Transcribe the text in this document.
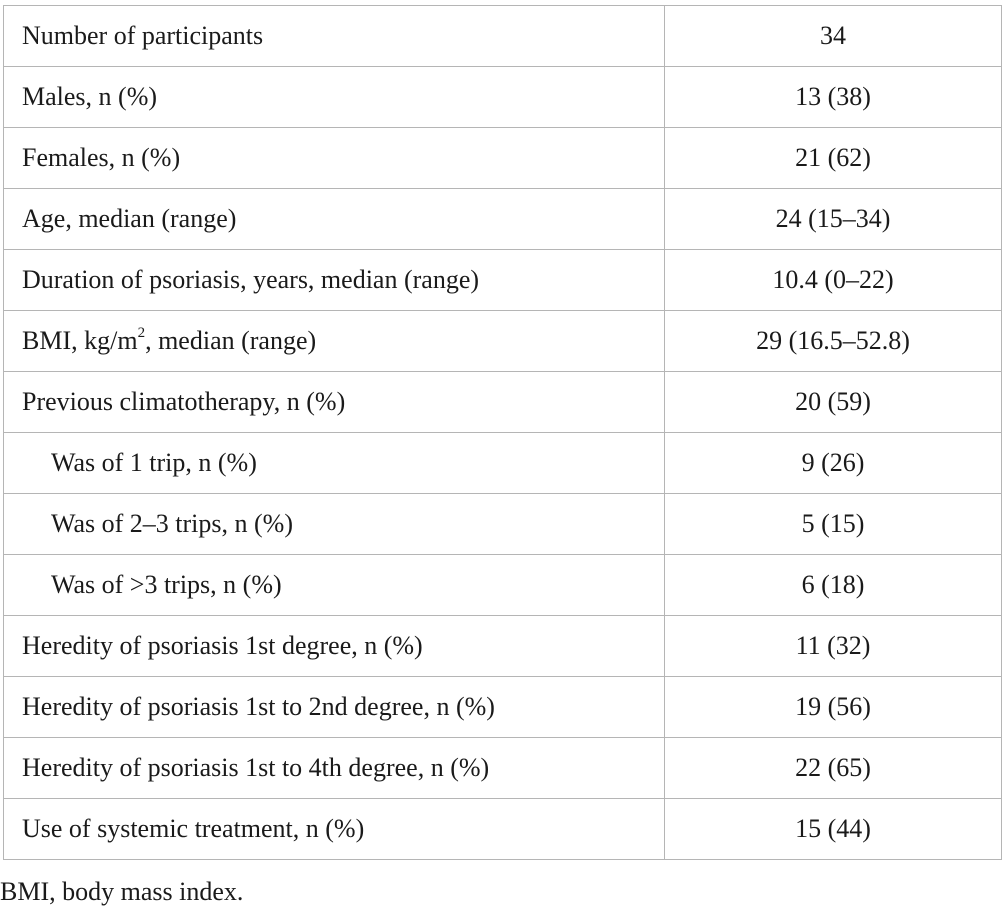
Number of participants	34
Males, n (%)	13 (38)
Females, n (%)	21 (62)
Age, median (range)	24 (15–34)
Duration of psoriasis, years, median (range)	10.4 (0–22)
BMI, $kg/m^2$, median (range)	29 (16.5–52.8)
Previous climatotherapy, n (%)	20 (59)
Was of 1 trip, n (%)	9 (26)
Was of 2–3 trips, n (%)	5 (15)
Was of >3 trips, n (%)	6 (18)
Heredity of psoriasis 1st degree, n (%)	11 (32)
Heredity of psoriasis 1st to 2nd degree, n (%)	19 (56)
Heredity of psoriasis 1st to 4th degree, n (%)	22 (65)
Use of systemic treatment, n (%)	15 (44)
BMI, body mass index.
